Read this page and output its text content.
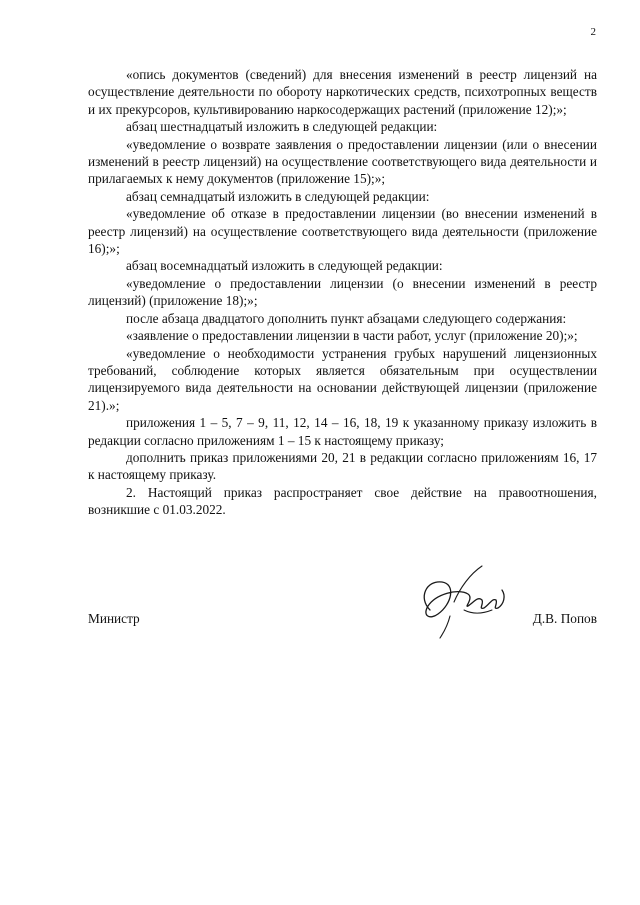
2

«опись документов (сведений) для внесения изменений в реестр лицензий на осуществление деятельности по обороту наркотических средств, психотропных веществ и их прекурсоров, культивированию наркосодержащих растений (приложение 12);»;

абзац шестнадцатый изложить в следующей редакции:

«уведомление о возврате заявления о предоставлении лицензии (или о внесении изменений в реестр лицензий) на осуществление соответствующего вида деятельности и прилагаемых к нему документов (приложение 15);»;

абзац семнадцатый изложить в следующей редакции:

«уведомление об отказе в предоставлении лицензии (во внесении изменений в реестр лицензий) на осуществление соответствующего вида деятельности (приложение 16);»;

абзац восемнадцатый изложить в следующей редакции:

«уведомление о предоставлении лицензии (о внесении изменений в реестр лицензий) (приложение 18);»;

после абзаца двадцатого дополнить пункт абзацами следующего содержания:

«заявление о предоставлении лицензии в части работ, услуг (приложение 20);»;

«уведомление о необходимости устранения грубых нарушений лицензионных требований, соблюдение которых является обязательным при осуществлении лицензируемого вида деятельности на основании действующей лицензии (приложение 21).»;

приложения 1 – 5, 7 – 9, 11, 12, 14 – 16, 18, 19 к указанному приказу изложить в редакции согласно приложениям 1 – 15 к настоящему приказу;

дополнить приказ приложениями 20, 21 в редакции согласно приложениям 16, 17 к настоящему приказу.

2. Настоящий приказ распространяет свое действие на правоотношения, возникшие с 01.03.2022.

Министр	Д.В. Попов
